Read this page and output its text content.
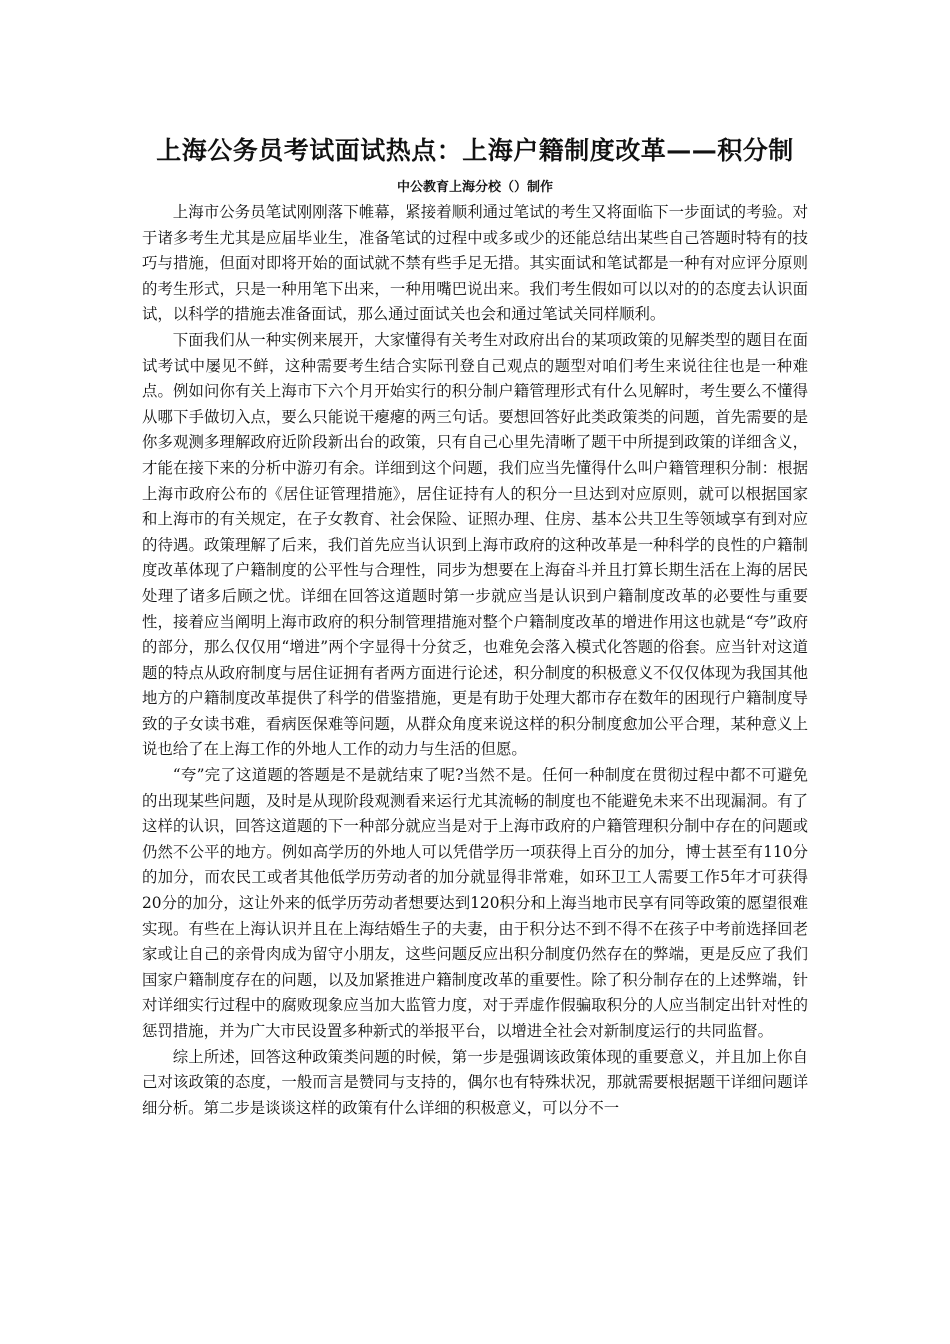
上海公务员考试面试热点：上海户籍制度改革——积分制
中公教育上海分校（）制作

上海市公务员笔试刚刚落下帷幕，紧接着顺利通过笔试的考生又将面临下一步面试的考验。对于诸多考生尤其是应届毕业生，准备笔试的过程中或多或少的还能总结出某些自己答题时特有的技巧与措施，但面对即将开始的面试就不禁有些手足无措。其实面试和笔试都是一种有对应评分原则的考生形式，只是一种用笔下出来，一种用嘴巴说出来。我们考生假如可以以对的的态度去认识面试，以科学的措施去准备面试，那么通过面试关也会和通过笔试关同样顺利。

下面我们从一种实例来展开，大家懂得有关考生对政府出台的某项政策的见解类型的题目在面试考试中屡见不鲜，这种需要考生结合实际刊登自己观点的题型对咱们考生来说往往也是一种难点。例如问你有关上海市下六个月开始实行的积分制户籍管理形式有什么见解时，考生要么不懂得从哪下手做切入点，要么只能说干瘪瘪的两三句话。要想回答好此类政策类的问题，首先需要的是你多观测多理解政府近阶段新出台的政策，只有自己心里先清晰了题干中所提到政策的详细含义，才能在接下来的分析中游刃有余。详细到这个问题，我们应当先懂得什么叫户籍管理积分制：根据上海市政府公布的《居住证管理措施》，居住证持有人的积分一旦达到对应原则，就可以根据国家和上海市的有关规定，在子女教育、社会保险、证照办理、住房、基本公共卫生等领域享有到对应的待遇。政策理解了后来，我们首先应当认识到上海市政府的这种改革是一种科学的良性的户籍制度改革体现了户籍制度的公平性与合理性，同步为想要在上海奋斗并且打算长期生活在上海的居民处理了诸多后顾之忧。详细在回答这道题时第一步就应当是认识到户籍制度改革的必要性与重要性，接着应当阐明上海市政府的积分制管理措施对整个户籍制度改革的增进作用这也就是“夸”政府的部分，那么仅仅用“增进”两个字显得十分贫乏，也难免会落入模式化答题的俗套。应当针对这道题的特点从政府制度与居住证拥有者两方面进行论述，积分制度的积极意义不仅仅体现为我国其他地方的户籍制度改革提供了科学的借鉴措施，更是有助于处理大都市存在数年的困现行户籍制度导致的子女读书难，看病医保难等问题，从群众角度来说这样的积分制度愈加公平合理，某种意义上说也给了在上海工作的外地人工作的动力与生活的但愿。

“夸”完了这道题的答题是不是就结束了呢?当然不是。任何一种制度在贯彻过程中都不可避免的出现某些问题，及时是从现阶段观测看来运行尤其流畅的制度也不能避免未来不出现漏洞。有了这样的认识，回答这道题的下一种部分就应当是对于上海市政府的户籍管理积分制中存在的问题或仍然不公平的地方。例如高学历的外地人可以凭借学历一项获得上百分的加分，博士甚至有110分的加分，而农民工或者其他低学历劳动者的加分就显得非常难，如环卫工人需要工作5年才可获得20分的加分，这让外来的低学历劳动者想要达到120积分和上海当地市民享有同等政策的愿望很难实现。有些在上海认识并且在上海结婚生子的夫妻，由于积分达不到不得不在孩子中考前选择回老家或让自己的亲骨肉成为留守小朋友，这些问题反应出积分制度仍然存在的弊端，更是反应了我们国家户籍制度存在的问题，以及加紧推进户籍制度改革的重要性。除了积分制存在的上述弊端，针对详细实行过程中的腐败现象应当加大监管力度，对于弄虚作假骗取积分的人应当制定出针对性的惩罚措施，并为广大市民设置多种新式的举报平台，以增进全社会对新制度运行的共同监督。

综上所述，回答这种政策类问题的时候，第一步是强调该政策体现的重要意义，并且加上你自己对该政策的态度，一般而言是赞同与支持的，偶尔也有特殊状况，那就需要根据题干详细问题详细分析。第二步是谈谈这样的政策有什么详细的积极意义，可以分不一
